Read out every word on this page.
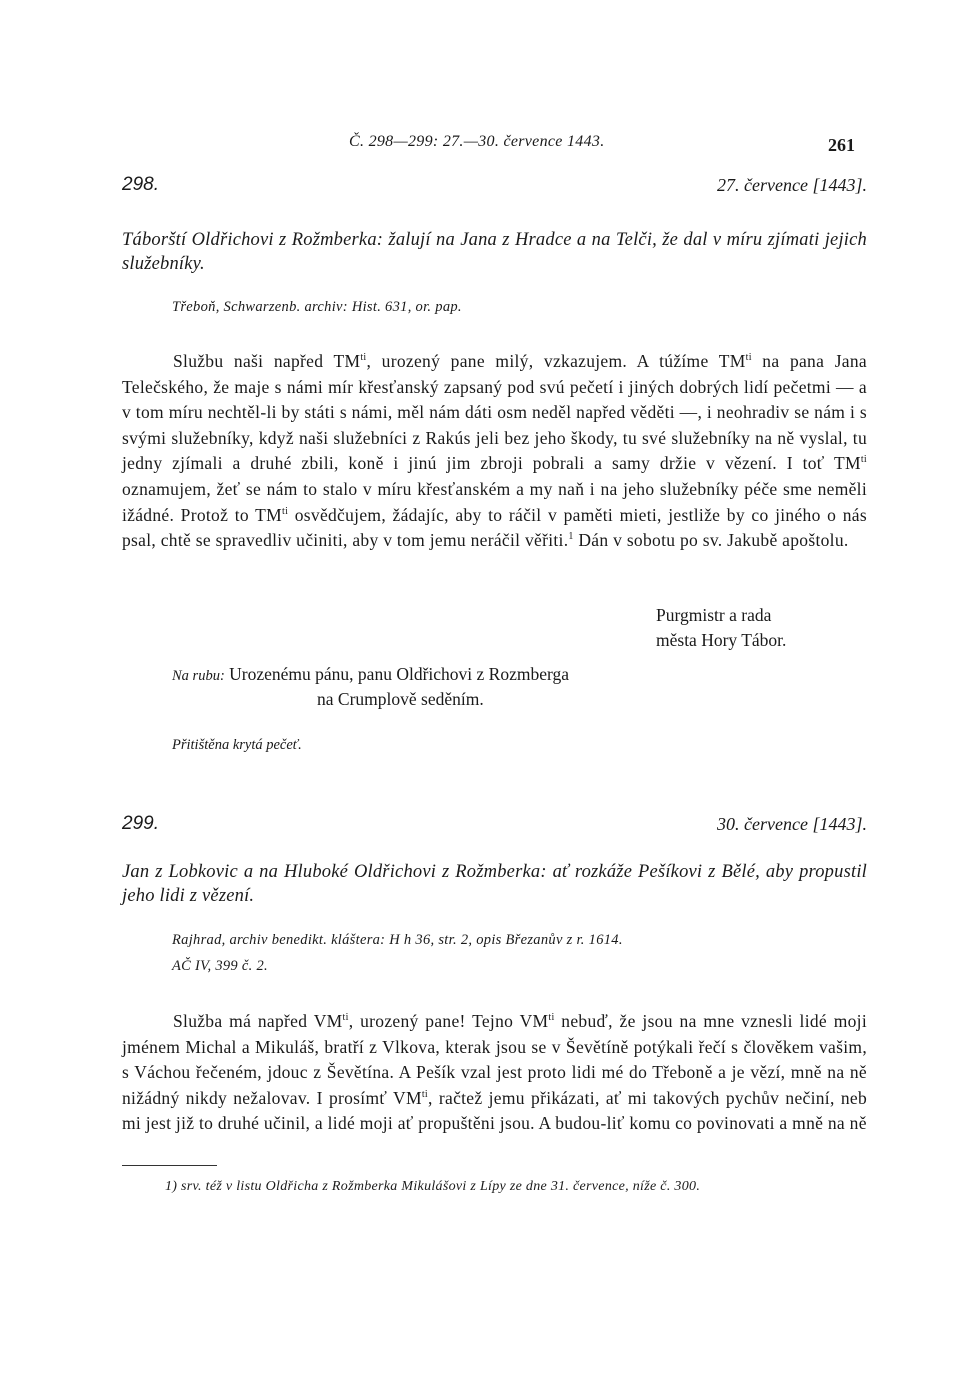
Č. 298—299: 27.—30. července 1443.	261
298.	27. července [1443].
Táborští Oldřichovi z Rožmberka: žalují na Jana z Hradce a na Telči, že dal v míru zjímati jejich služebníky.
Třeboň, Schwarzenb. archiv: Hist. 631, or. pap.

Službu naši napřed $TM^{ti}$, urozený pane milý, vzkazujem. A túžíme $TM^{ti}$ na pana Jana Telečského, že maje s námi mír křesťanský zapsaný pod svú pečetí i jiných dobrých lidí pečetmi — a v tom míru nechtěl-li by státi s námi, měl nám dáti osm neděl napřed věděti —, i neohradiv se nám i s svými služebníky, když naši služebníci z Rakús jeli bez jeho škody, tu své služebníky na ně vyslal, tu jedny zjímali a druhé zbili, koně i jinú jim zbroji pobrali a samy držie v vězení. I toť $TM^{ti}$ oznamujem, žeť se nám to stalo v míru křesťanském a my naň i na jeho služebníky péče sme neměli ižádné. Protož to $TM^{ti}$ osvědčujem, žádajíc, aby to ráčil v paměti mieti, jestliže by co jiného o nás psal, chtě se spravedliv učiniti, aby v tom jemu neráčil věřiti.$^1$ Dán v sobotu po sv. Jakubě apoštolu.

Purgmistr a rada
města Hory Tábor.
Na rubu: Urozenému pánu, panu Oldřichovi z Rozmberga
na Crumplově seděním.
Přitištěna krytá pečeť.
299.	30. července [1443].
Jan z Lobkovic a na Hluboké Oldřichovi z Rožmberka: ať rozkáže Pešíkovi z Bělé, aby propustil jeho lidi z vězení.
Rajhrad, archiv benedikt. kláštera: H h 36, str. 2, opis Březanův z r. 1614.
AČ IV, 399 č. 2.

Služba má napřed $VM^{ti}$, urozený pane! Tejno $VM^{ti}$ nebuď, že jsou na mne vznesli lidé moji jménem Michal a Mikuláš, bratří z Vlkova, kterak jsou se v Ševětíně potýkali řečí s člověkem vašim, s Váchou řečeném, jdouc z Ševětína. A Pešík vzal jest proto lidi mé do Třeboně a je vězí, mně na ně nižádný nikdy nežalovav. I prosímť $VM^{ti}$, račtež jemu přikázati, ať mi takových pychův nečiní, neb mi jest již to druhé učinil, a lidé moji ať propuštěni jsou. A budou-liť komu co povinovati a mně na ně

1) srv. též v listu Oldřicha z Rožmberka Mikulášovi z Lípy ze dne 31. července, níže č. 300.
